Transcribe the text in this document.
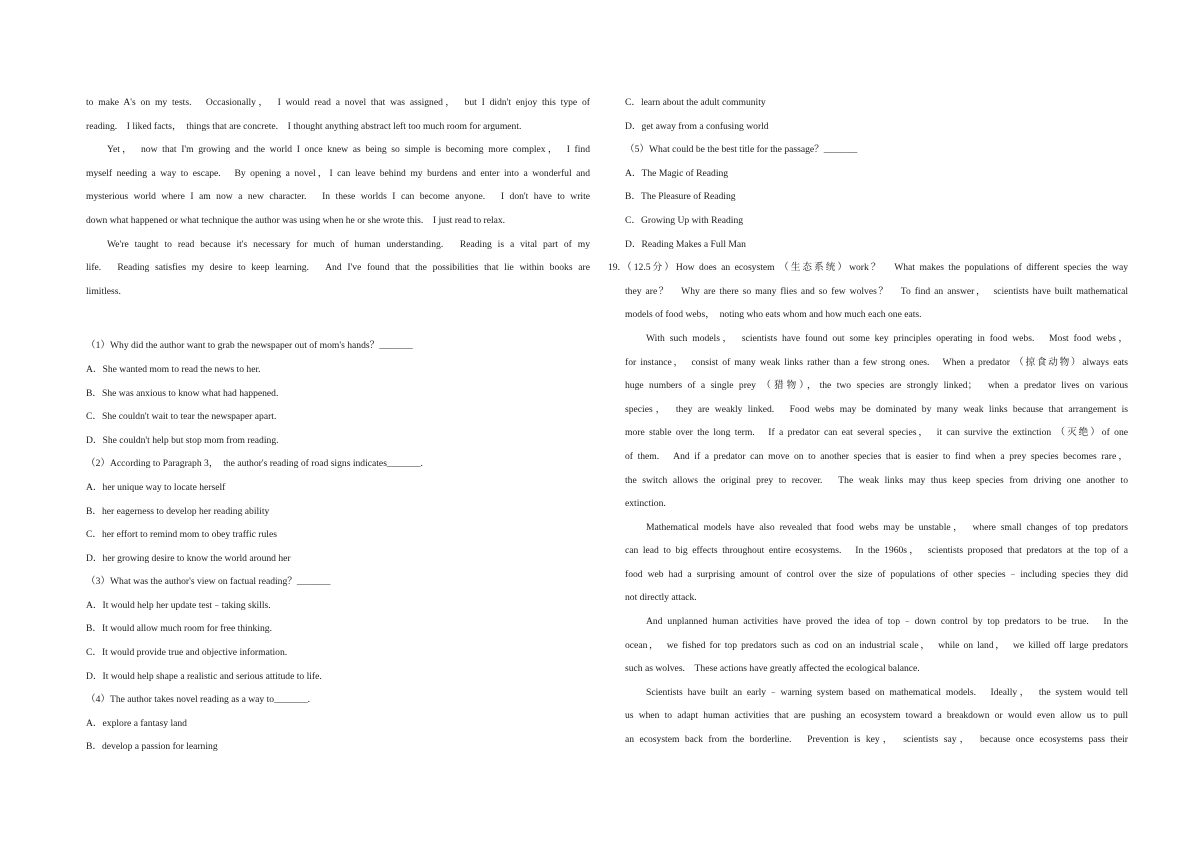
to make A's on my tests.　Occasionally，　I would read a novel that was assigned，　but I didn't enjoy this type of

reading.　I liked facts，　things that are concrete.　I thought anything abstract left too much room for argument.

Yet，　now that I'm growing and the world I once knew as being so simple is becoming more complex，　I find

myself needing a way to escape.　By opening a novel，I can leave behind my burdens and enter into a wonderful and

mysterious world where I am now a new character.　In these worlds I can become anyone.　I don't have to write

down what happened or what technique the author was using when he or she wrote this.　I just read to relax.

We're taught to read because it's necessary for much of human understanding.　Reading is a vital part of my

life.　Reading satisfies my desire to keep learning.　And I've found that the possibilities that lie within books are

limitless.

（1）Why did the author want to grab the newspaper out of mom's hands？_______

A．She wanted mom to read the news to her.

B．She was anxious to know what had happened.

C．She couldn't wait to tear the newspaper apart.

D．She couldn't help but stop mom from reading.

（2）According to Paragraph 3，　the author's reading of road signs indicates_______.

A．her unique way to locate herself

B．her eagerness to develop her reading ability

C．her effort to remind mom to obey traffic rules

D．her growing desire to know the world around her

（3）What was the author's view on factual reading？_______

A．It would help her update test﹣taking skills.

B．It would allow much room for free thinking.

C．It would provide true and objective information.

D．It would help shape a realistic and serious attitude to life.

（4）The author takes novel reading as a way to_______.

A．explore a fantasy land

B．develop a passion for learning

C．learn about the adult community

D．get away from a confusing world

（5）What could be the best title for the passage？_______

A．The Magic of Reading

B．The Pleasure of Reading

C．Growing Up with Reading

D．Reading Makes a Full Man

19.（12.5分）How does an ecosystem （生态系统）work？　What makes the populations of different species the way

they are？　Why are there so many flies and so few wolves？　To find an answer，　scientists have built mathematical

models of food webs，　noting who eats whom and how much each one eats.

With such models，　scientists have found out some key principles operating in food webs.　Most food webs，

for instance，　consist of many weak links rather than a few strong ones.　When a predator （掠食动物）always eats

huge numbers of a single prey （猎物），the two species are strongly linked；　when a predator lives on various

species，　they are weakly linked.　Food webs may be dominated by many weak links because that arrangement is

more stable over the long term.　If a predator can eat several species，　it can survive the extinction （灭绝）of one

of them.　And if a predator can move on to another species that is easier to find when a prey species becomes rare，

the switch allows the original prey to recover.　The weak links may thus keep species from driving one another to

extinction.

Mathematical models have also revealed that food webs may be unstable，　where small changes of top predators

can lead to big effects throughout entire ecosystems.　In the 1960s，　scientists proposed that predators at the top of a

food web had a surprising amount of control over the size of populations of other species﹣including species they did

not directly attack.

And unplanned human activities have proved the idea of top﹣down control by top predators to be true.　In the

ocean，　we fished for top predators such as cod on an industrial scale，　while on land，　we killed off large predators

such as wolves.　These actions have greatly affected the ecological balance.

Scientists have built an early﹣warning system based on mathematical models.　Ideally，　the system would tell

us when to adapt human activities that are pushing an ecosystem toward a breakdown or would even allow us to pull

an ecosystem back from the borderline.　Prevention is key，　scientists say，　because once ecosystems pass their
